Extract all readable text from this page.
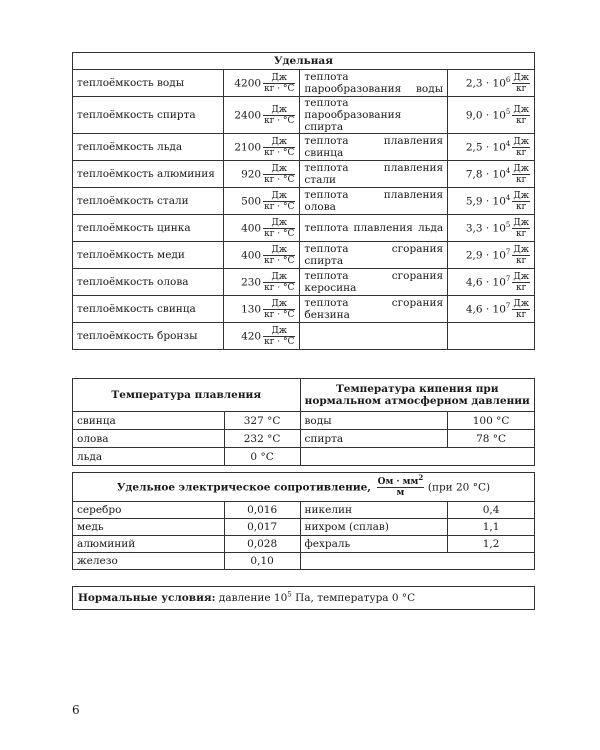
Удельная			
теплоёмкость воды	$4200 \frac{Дж}{кг \cdot ^\circ С}$	теплота парообразования воды	$2,3 \cdot 10^6 \frac{Дж}{кг}$

теплоёмкость спирта	$2400 \frac{Дж}{кг \cdot ^\circ С}$	теплота парообразования спирта	$9,0 \cdot 10^5 \frac{Дж}{кг}$

теплоёмкость льда	$2100 \frac{Дж}{кг \cdot ^\circ С}$	теплота плавления свинца	$2,5 \cdot 10^4 \frac{Дж}{кг}$

теплоёмкость алюминия	$920 \frac{Дж}{кг \cdot ^\circ С}$	теплота плавления стали	$7,8 \cdot 10^4 \frac{Дж}{кг}$

теплоёмкость стали	$500 \frac{Дж}{кг \cdot ^\circ С}$	теплота плавления олова	$5,9 \cdot 10^4 \frac{Дж}{кг}$

теплоёмкость цинка	$400 \frac{Дж}{кг \cdot ^\circ С}$	теплота плавления льда	$3,3 \cdot 10^5 \frac{Дж}{кг}$

теплоёмкость меди	$400 \frac{Дж}{кг \cdot ^\circ С}$	теплота сгорания спирта	$2,9 \cdot 10^7 \frac{Дж}{кг}$

теплоёмкость олова	$230 \frac{Дж}{кг \cdot ^\circ С}$	теплота сгорания керосина	$4,6 \cdot 10^7 \frac{Дж}{кг}$

теплоёмкость свинца	$130 \frac{Дж}{кг \cdot ^\circ С}$	теплота сгорания бензина	$4,6 \cdot 10^7 \frac{Дж}{кг}$

теплоёмкость бронзы	$420 \frac{Дж}{кг \cdot ^\circ С}$

Температура плавления		Температура кипения при нормальном атмосферном давлении	
свинца	327 °С	воды	100 °С
олова	232 °С	спирта	78 °С
льда	0 °С		
Удельное электрическое сопротивление, $\frac{Ом \cdot мм^2}{м} (при$ 20 °С)			
серебро	0,016	никелин	0,4
медь	0,017	нихром (сплав)	1,1
алюминий	0,028	фехраль	1,2
железо	0,10		
Нормальные условия: давление $10^5$ Па, температура 0 °С
6
